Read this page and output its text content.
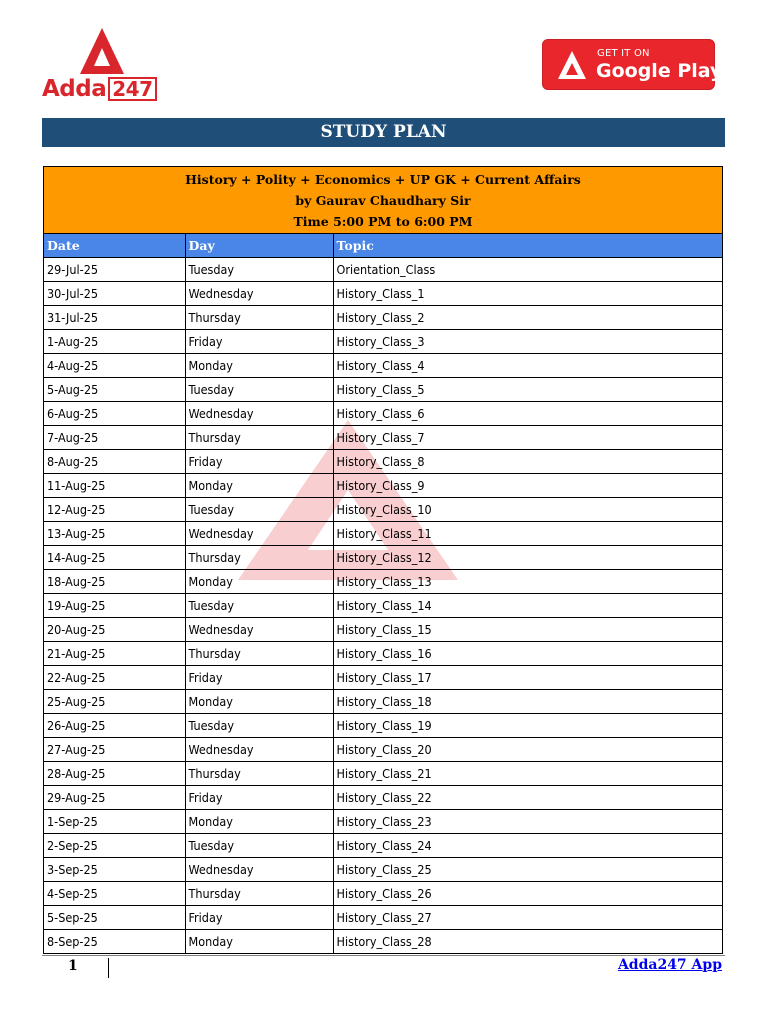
Adda 247
GET IT ON
Google Play
STUDY PLAN
History + Polity + Economics + UP GK + Current Affairs
by Gaurav Chaudhary Sir
Time 5:00 PM to 6:00 PM
Date	Day	Topic
29-Jul-25	Tuesday	Orientation_Class
30-Jul-25	Wednesday	History_Class_1
31-Jul-25	Thursday	History_Class_2
1-Aug-25	Friday	History_Class_3
4-Aug-25	Monday	History_Class_4
5-Aug-25	Tuesday	History_Class_5
6-Aug-25	Wednesday	History_Class_6
7-Aug-25	Thursday	History_Class_7
8-Aug-25	Friday	History_Class_8
11-Aug-25	Monday	History_Class_9
12-Aug-25	Tuesday	History_Class_10
13-Aug-25	Wednesday	History_Class_11
14-Aug-25	Thursday	History_Class_12
18-Aug-25	Monday	History_Class_13
19-Aug-25	Tuesday	History_Class_14
20-Aug-25	Wednesday	History_Class_15
21-Aug-25	Thursday	History_Class_16
22-Aug-25	Friday	History_Class_17
25-Aug-25	Monday	History_Class_18
26-Aug-25	Tuesday	History_Class_19
27-Aug-25	Wednesday	History_Class_20
28-Aug-25	Thursday	History_Class_21
29-Aug-25	Friday	History_Class_22
1-Sep-25	Monday	History_Class_23
2-Sep-25	Tuesday	History_Class_24
3-Sep-25	Wednesday	History_Class_25
4-Sep-25	Thursday	History_Class_26
5-Sep-25	Friday	History_Class_27
8-Sep-25	Monday	History_Class_28
1	Adda247 App
